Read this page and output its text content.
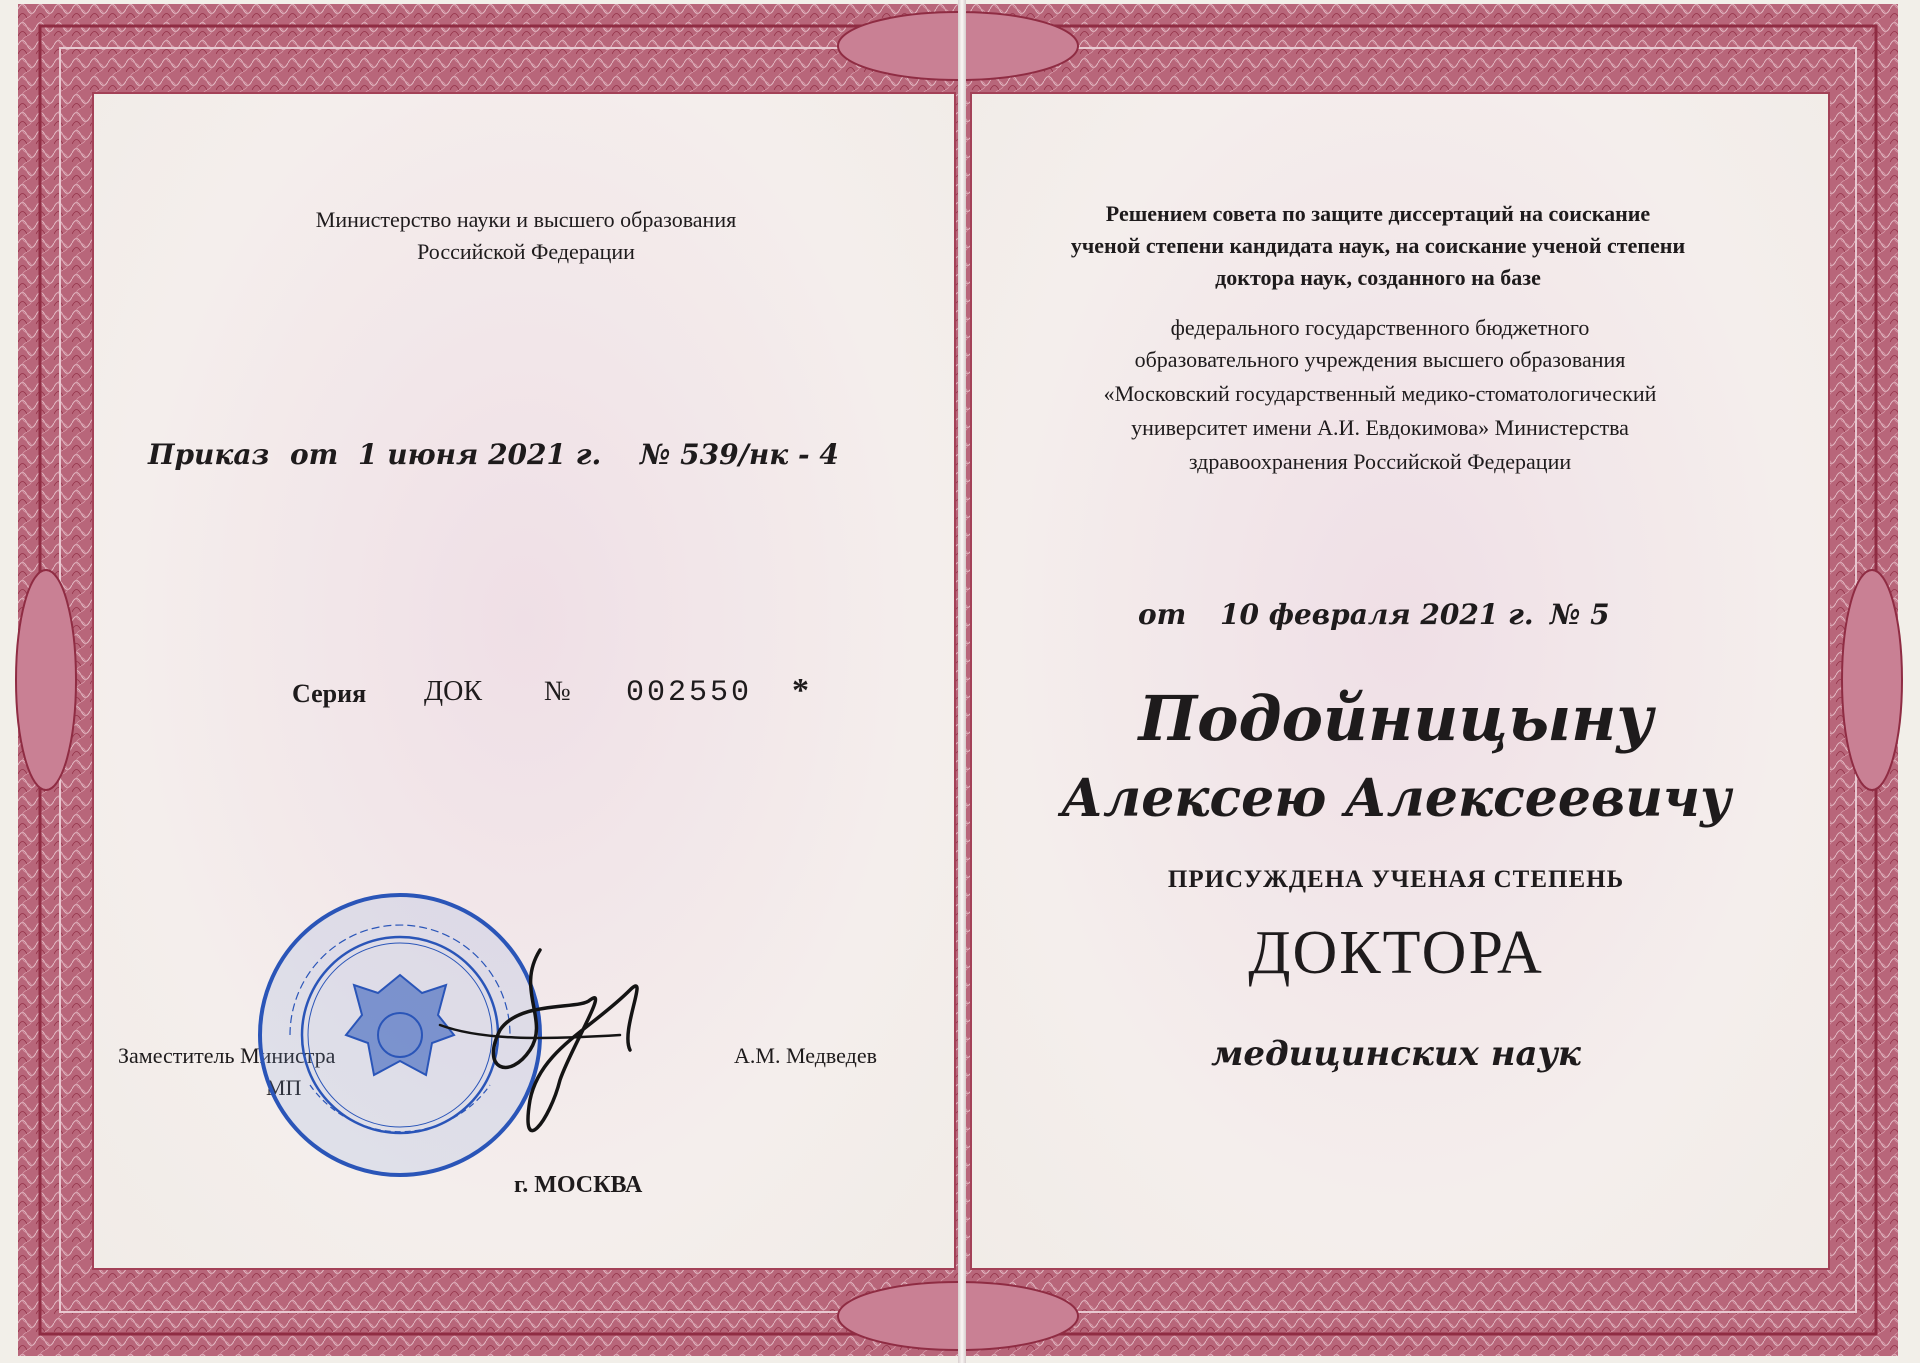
Министерство науки и высшего образования
Российской Федерации
Приказ от 1 июня 2021 г. № 539/нк - 4
Серия ДОК № 002550 *
Заместитель Министра
МП
А.М. Медведев
г. МОСКВА
Решением совета по защите диссертаций на соискание
ученой степени кандидата наук, на соискание ученой степени
доктора наук, созданного на базе
федерального государственного бюджетного
образовательного учреждения высшего образования
«Московский государственный медико-стоматологический
университет имени А.И. Евдокимова» Министерства
здравоохранения Российской Федерации
от 10 февраля 2021 г. № 5
Подойницыну
Алексею Алексеевичу
ПРИСУЖДЕНА УЧЕНАЯ СТЕПЕНЬ
ДОКТОРА
медицинских наук
